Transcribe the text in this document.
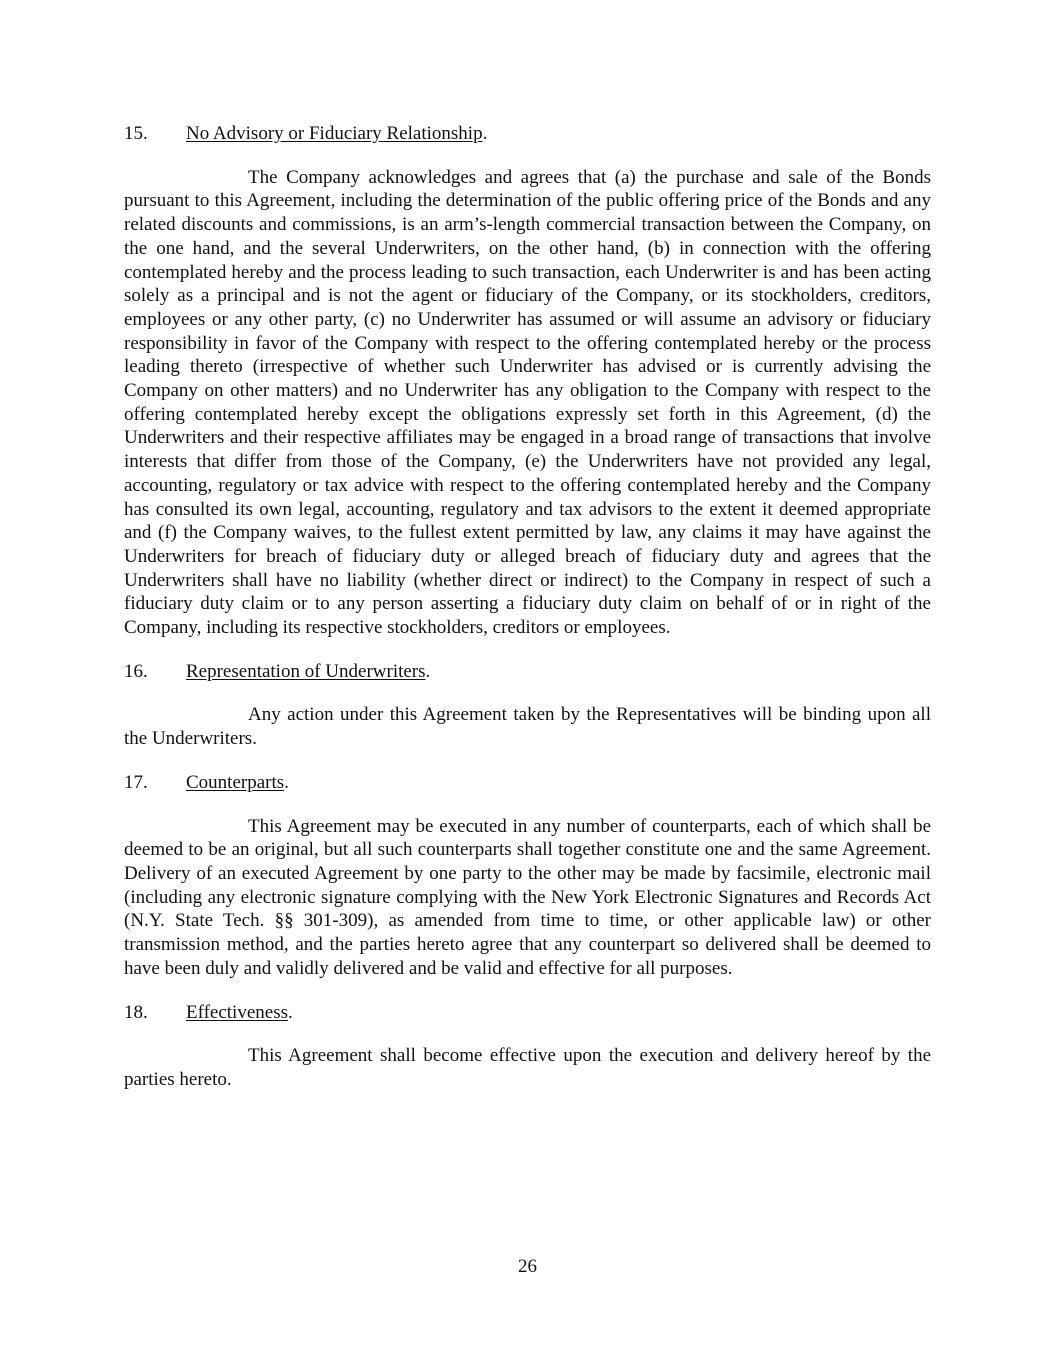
15.	No Advisory or Fiduciary Relationship.

The Company acknowledges and agrees that (a) the purchase and sale of the Bonds pursuant to this Agreement, including the determination of the public offering price of the Bonds and any related discounts and commissions, is an arm’s-length commercial transaction between the Company, on the one hand, and the several Underwriters, on the other hand, (b) in connection with the offering contemplated hereby and the process leading to such transaction, each Underwriter is and has been acting solely as a principal and is not the agent or fiduciary of the Company, or its stockholders, creditors, employees or any other party, (c) no Underwriter has assumed or will assume an advisory or fiduciary responsibility in favor of the Company with respect to the offering contemplated hereby or the process leading thereto (irrespective of whether such Underwriter has advised or is currently advising the Company on other matters) and no Underwriter has any obligation to the Company with respect to the offering contemplated hereby except the obligations expressly set forth in this Agreement, (d) the Underwriters and their respective affiliates may be engaged in a broad range of transactions that involve interests that differ from those of the Company, (e) the Underwriters have not provided any legal, accounting, regulatory or tax advice with respect to the offering contemplated hereby and the Company has consulted its own legal, accounting, regulatory and tax advisors to the extent it deemed appropriate and (f) the Company waives, to the fullest extent permitted by law, any claims it may have against the Underwriters for breach of fiduciary duty or alleged breach of fiduciary duty and agrees that the Underwriters shall have no liability (whether direct or indirect) to the Company in respect of such a fiduciary duty claim or to any person asserting a fiduciary duty claim on behalf of or in right of the Company, including its respective stockholders, creditors or employees.

16.	Representation of Underwriters.

Any action under this Agreement taken by the Representatives will be binding upon all the Underwriters.

17.	Counterparts.

This Agreement may be executed in any number of counterparts, each of which shall be deemed to be an original, but all such counterparts shall together constitute one and the same Agreement. Delivery of an executed Agreement by one party to the other may be made by facsimile, electronic mail (including any electronic signature complying with the New York Electronic Signatures and Records Act (N.Y. State Tech. §§ 301-309), as amended from time to time, or other applicable law) or other transmission method, and the parties hereto agree that any counterpart so delivered shall be deemed to have been duly and validly delivered and be valid and effective for all purposes.

18.	Effectiveness.

This Agreement shall become effective upon the execution and delivery hereof by the parties hereto.

26
